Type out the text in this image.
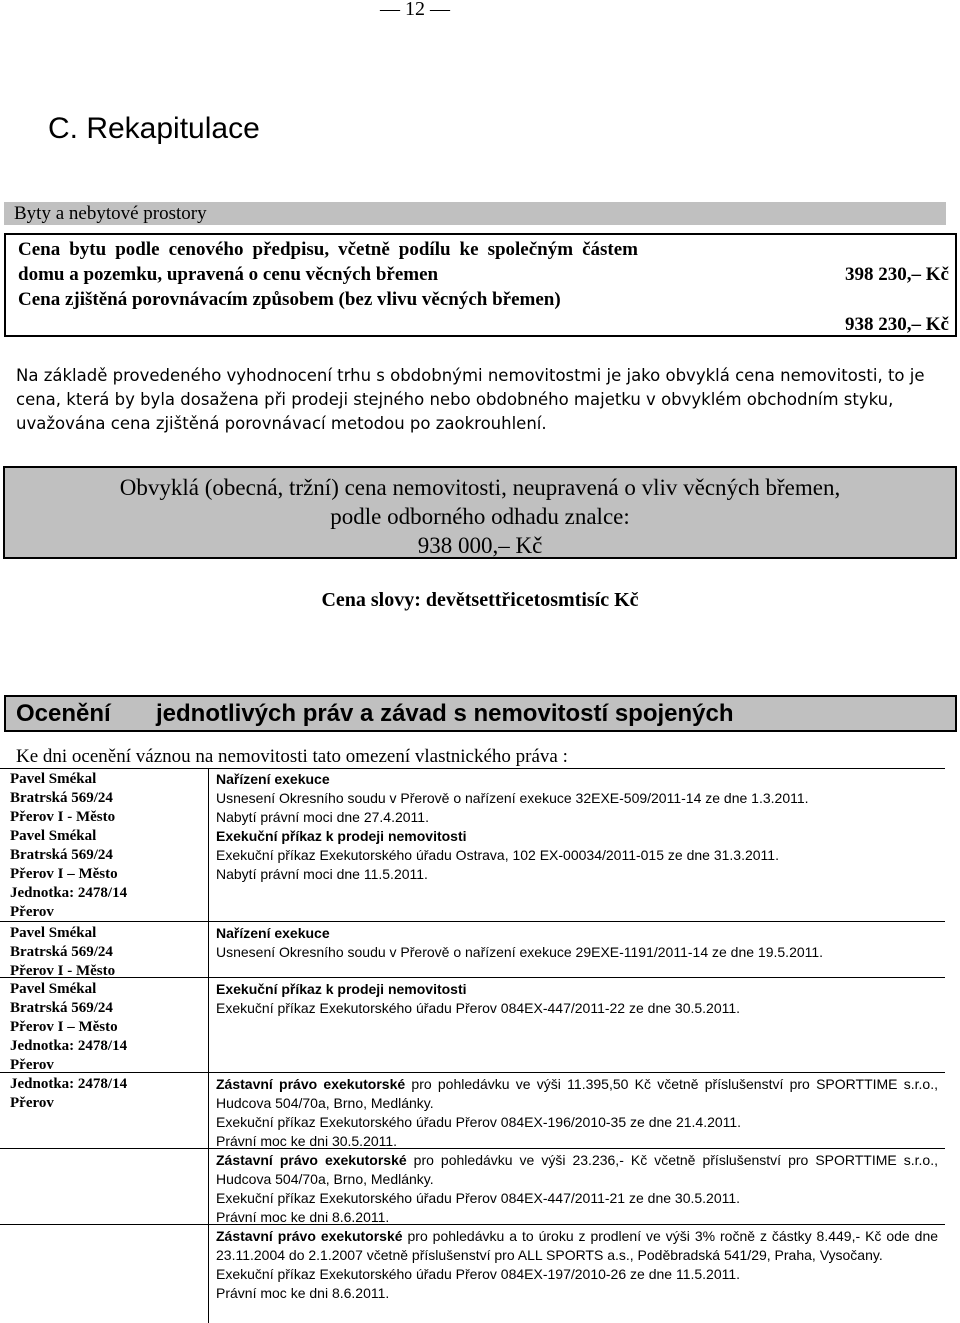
— 12 —
C. Rekapitulace
Byty a nebytové prostory
Cena bytu podle cenového předpisu, včetně podílu ke společným částem domu a pozemku, upravená o cenu věcných břemen	398 230,– Kč
Cena zjištěná porovnávacím způsobem (bez vlivu věcných břemen)
938 230,– Kč
Na základě provedeného vyhodnocení trhu s obdobnými nemovitostmi je jako obvyklá cena nemovitosti, to je cena, která by byla dosažena při prodeji stejného nebo obdobného majetku v obvyklém obchodním styku, uvažována cena zjištěná porovnávací metodou po zaokrouhlení.
Obvyklá (obecná, tržní) cena nemovitosti, neupravená o vliv věcných břemen,
podle odborného odhadu znalce:
938 000,– Kč
Cena slovy: devětsettřicetosmtisíc Kč
Ocenění jednotlivých práv a závad s nemovitostí spojených
Ke dni ocenění váznou na nemovitosti tato omezení vlastnického práva :
Pavel Smékal
Bratrská 569/24
Přerov I - Město
Nařízení exekuce
Usnesení Okresního soudu v Přerově o nařízení exekuce 32EXE-509/2011-14 ze dne 1.3.2011.
Nabytí právní moci dne 27.4.2011.
Pavel Smékal
Bratrská 569/24
Přerov I – Město
Jednotka: 2478/14
Přerov
Exekuční příkaz k prodeji nemovitosti
Exekuční příkaz Exekutorského úřadu Ostrava, 102 EX-00034/2011-015 ze dne 31.3.2011.
Nabytí právní moci dne 11.5.2011.
Pavel Smékal
Bratrská 569/24
Přerov I - Město
Nařízení exekuce
Usnesení Okresního soudu v Přerově o nařízení exekuce 29EXE-1191/2011-14 ze dne 19.5.2011.
Pavel Smékal
Bratrská 569/24
Přerov I – Město
Jednotka: 2478/14
Přerov
Exekuční příkaz k prodeji nemovitosti
Exekuční příkaz Exekutorského úřadu Přerov 084EX-447/2011-22 ze dne 30.5.2011.
Jednotka: 2478/14
Přerov
Zástavní právo exekutorské pro pohledávku ve výši 11.395,50 Kč včetně příslušenství pro SPORTTIME s.r.o., Hudcova 504/70a, Brno, Medlánky.
Exekuční příkaz Exekutorského úřadu Přerov 084EX-196/2010-35 ze dne 21.4.2011.
Právní moc ke dni 30.5.2011.
Zástavní právo exekutorské pro pohledávku ve výši 23.236,- Kč včetně příslušenství pro SPORTTIME s.r.o., Hudcova 504/70a, Brno, Medlánky.
Exekuční příkaz Exekutorského úřadu Přerov 084EX-447/2011-21 ze dne 30.5.2011.
Právní moc ke dni 8.6.2011.
Zástavní právo exekutorské pro pohledávku a to úroku z prodlení ve výši 3% ročně z částky 8.449,- Kč ode dne 23.11.2004 do 2.1.2007 včetně příslušenství pro ALL SPORTS a.s., Poděbradská 541/29, Praha, Vysočany.
Exekuční příkaz Exekutorského úřadu Přerov 084EX-197/2010-26 ze dne 11.5.2011.
Právní moc ke dni 8.6.2011.
